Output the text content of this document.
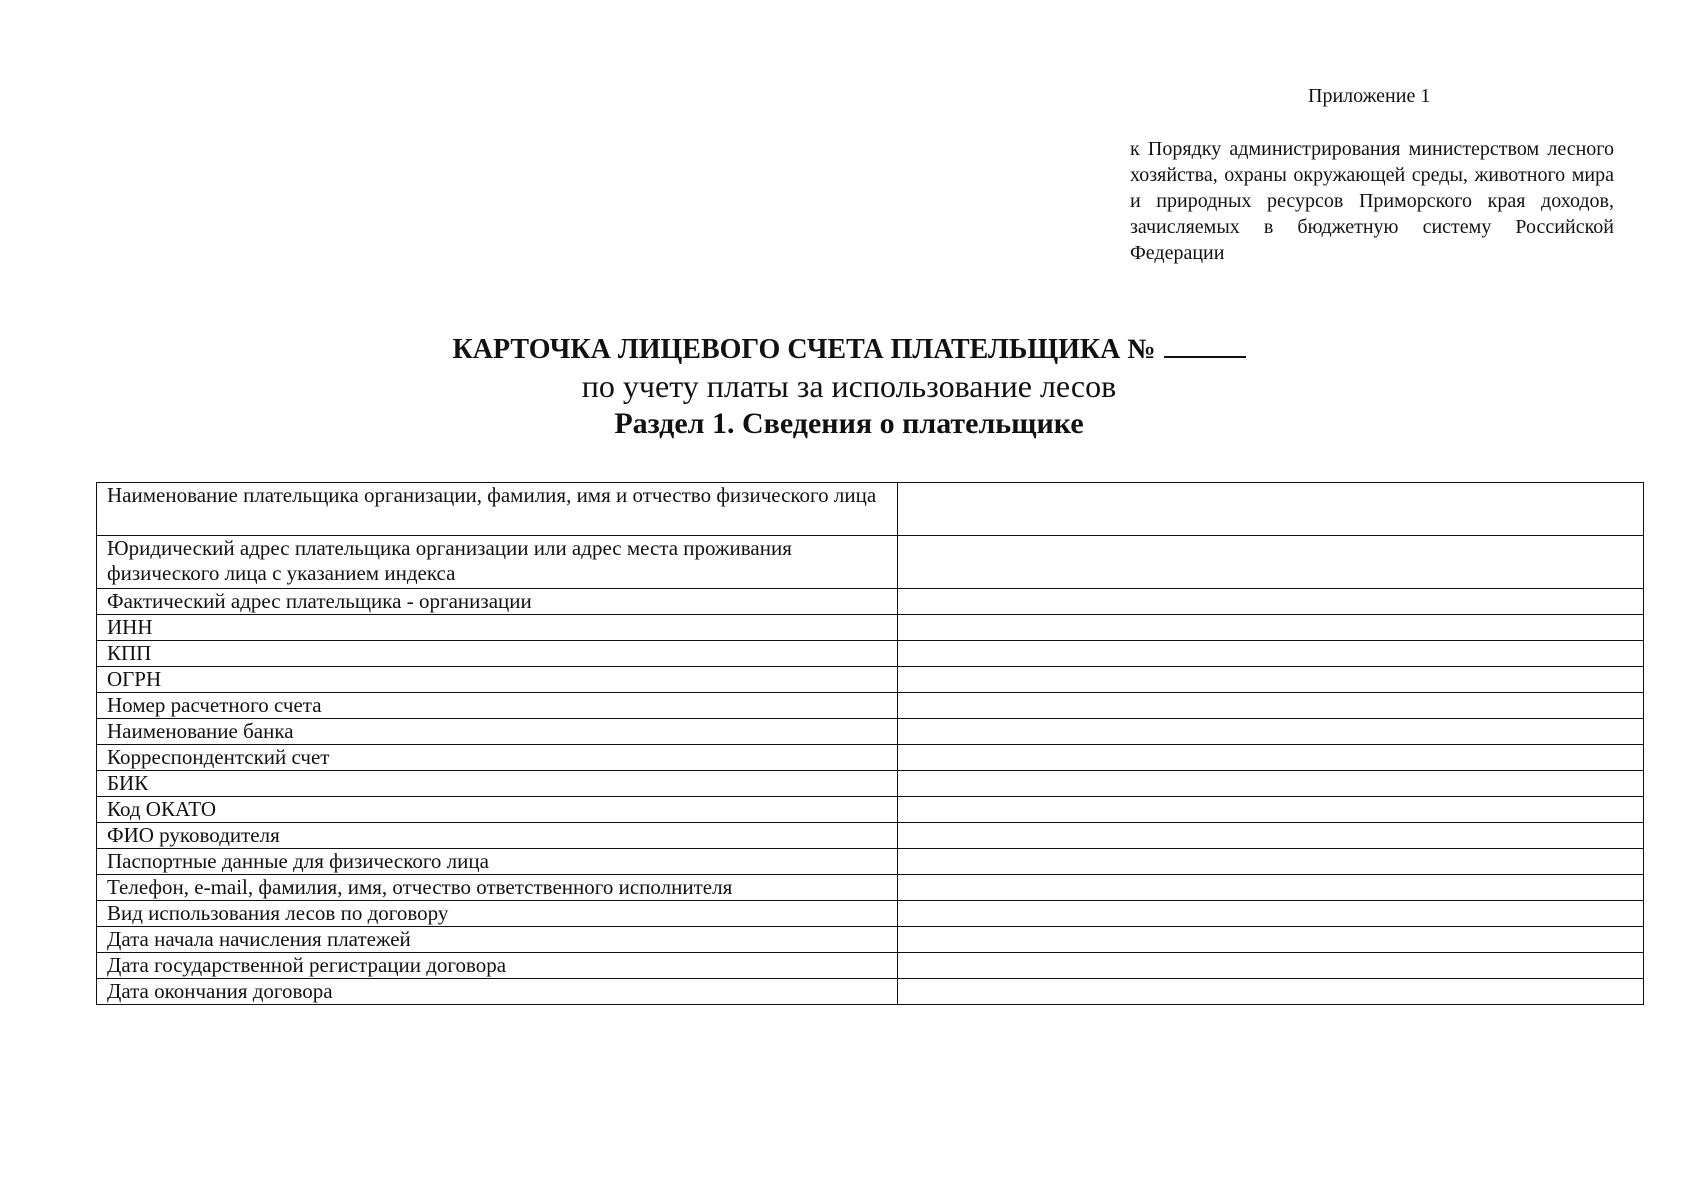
Приложение 1
к Порядку администрирования министерством лесного хозяйства, охраны окружающей среды, животного мира и природных ресурсов Приморского края доходов, зачисляемых в бюджетную систему Российской Федерации
КАРТОЧКА ЛИЦЕВОГО СЧЕТА ПЛАТЕЛЬЩИКА №
по учету платы за использование лесов
Раздел 1. Сведения о плательщике
Наименование плательщика организации, фамилия, имя и отчество физического лица	
Юридический адрес плательщика организации или адрес места проживания физического лица с указанием индекса	
Фактический адрес плательщика - организации	
ИНН	
КПП	
ОГРН	
Номер расчетного счета	
Наименование банка	
Корреспондентский счет	
БИК	
Код ОКАТО	
ФИО руководителя	
Паспортные данные для физического лица	
Телефон, e-mail, фамилия, имя, отчество ответственного исполнителя	
Вид использования лесов по договору	
Дата начала начисления платежей	
Дата государственной регистрации договора	
Дата окончания договора	
